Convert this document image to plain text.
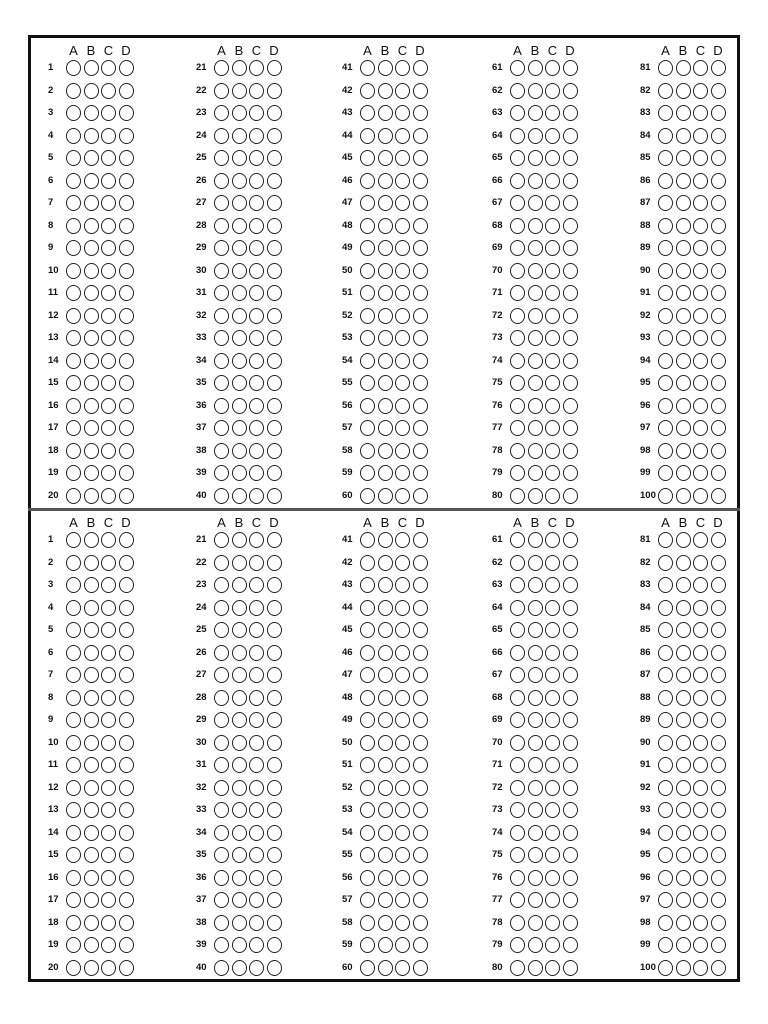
A B C D
1
2
3
4
5
6
7
8
9
10
11
12
13
14
15
16
17
18
19
20
A B C D
21
22
23
24
25
26
27
28
29
30
31
32
33
34
35
36
37
38
39
40
A B C D
41
42
43
44
45
46
47
48
49
50
51
52
53
54
55
56
57
58
59
60
A B C D
61
62
63
64
65
66
67
68
69
70
71
72
73
74
75
76
77
78
79
80
A B C D
81
82
83
84
85
86
87
88
89
90
91
92
93
94
95
96
97
98
99
100
A B C D
1
2
3
4
5
6
7
8
9
10
11
12
13
14
15
16
17
18
19
20
A B C D
21
22
23
24
25
26
27
28
29
30
31
32
33
34
35
36
37
38
39
40
A B C D
41
42
43
44
45
46
47
48
49
50
51
52
53
54
55
56
57
58
59
60
A B C D
61
62
63
64
65
66
67
68
69
70
71
72
73
74
75
76
77
78
79
80
A B C D
81
82
83
84
85
86
87
88
89
90
91
92
93
94
95
96
97
98
99
100
